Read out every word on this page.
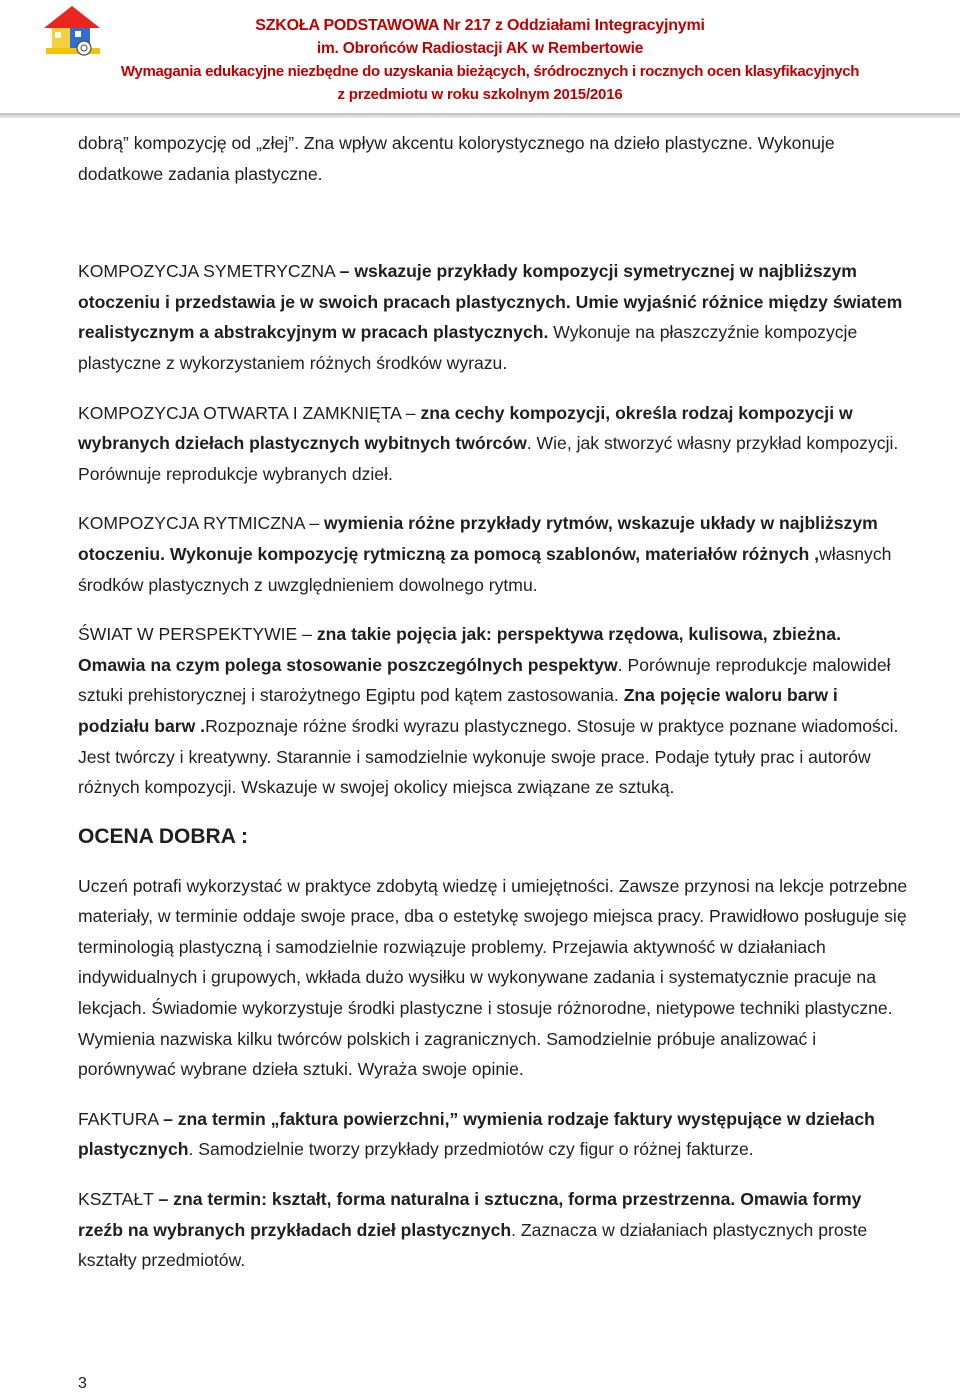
SZKOŁA PODSTAWOWA Nr 217 z Oddziałami Integracyjnymi
im. Obrońców Radiostacji AK w Rembertowie
Wymagania edukacyjne niezbędne do uzyskania bieżących, śródrocznych i rocznych ocen klasyfikacyjnych
z przedmiotu w roku szkolnym 2015/2016

dobrą” kompozycję od „złej”. Zna wpływ akcentu kolorystycznego na dzieło plastyczne. Wykonuje dodatkowe zadania plastyczne.

KOMPOZYCJA SYMETRYCZNA – wskazuje przykłady kompozycji symetrycznej w najbliższym otoczeniu i przedstawia je w swoich pracach plastycznych. Umie wyjaśnić różnice między światem realistycznym a abstrakcyjnym w pracach plastycznych. Wykonuje na płaszczyźnie kompozycje plastyczne z wykorzystaniem różnych środków wyrazu.

KOMPOZYCJA OTWARTA I ZAMKNIĘTA – zna cechy kompozycji, określa rodzaj kompozycji w wybranych dziełach plastycznych wybitnych twórców. Wie, jak stworzyć własny przykład kompozycji. Porównuje reprodukcje wybranych dzieł.

KOMPOZYCJA RYTMICZNA – wymienia różne przykłady rytmów, wskazuje układy w najbliższym otoczeniu. Wykonuje kompozycję rytmiczną za pomocą szablonów, materiałów różnych ,własnych środków plastycznych z uwzględnieniem dowolnego rytmu.

ŚWIAT W PERSPEKTYWIE – zna takie pojęcia jak: perspektywa rzędowa, kulisowa, zbieżna. Omawia na czym polega stosowanie poszczególnych pespektyw. Porównuje reprodukcje malowideł sztuki prehistorycznej i starożytnego Egiptu pod kątem zastosowania. Zna pojęcie waloru barw i podziału barw .Rozpoznaje różne środki wyrazu plastycznego. Stosuje w praktyce poznane wiadomości. Jest twórczy i kreatywny. Starannie i samodzielnie wykonuje swoje prace. Podaje tytuły prac i autorów różnych kompozycji. Wskazuje w swojej okolicy miejsca związane ze sztuką.

OCENA DOBRA :

Uczeń potrafi wykorzystać w praktyce zdobytą wiedzę i umiejętności. Zawsze przynosi na lekcje potrzebne materiały, w terminie oddaje swoje prace, dba o estetykę swojego miejsca pracy. Prawidłowo posługuje się terminologią plastyczną i samodzielnie rozwiązuje problemy. Przejawia aktywność w działaniach indywidualnych i grupowych, wkłada dużo wysiłku w wykonywane zadania i systematycznie pracuje na lekcjach. Świadomie wykorzystuje środki plastyczne i stosuje różnorodne, nietypowe techniki plastyczne. Wymienia nazwiska kilku twórców polskich i zagranicznych. Samodzielnie próbuje analizować i porównywać wybrane dzieła sztuki. Wyraża swoje opinie.

FAKTURA – zna termin „faktura powierzchni,” wymienia rodzaje faktury występujące w dziełach plastycznych. Samodzielnie tworzy przykłady przedmiotów czy figur o różnej fakturze.

KSZTAŁT – zna termin: kształt, forma naturalna i sztuczna, forma przestrzenna. Omawia formy rzeźb na wybranych przykładach dzieł plastycznych. Zaznacza w działaniach plastycznych proste kształty przedmiotów.

3
